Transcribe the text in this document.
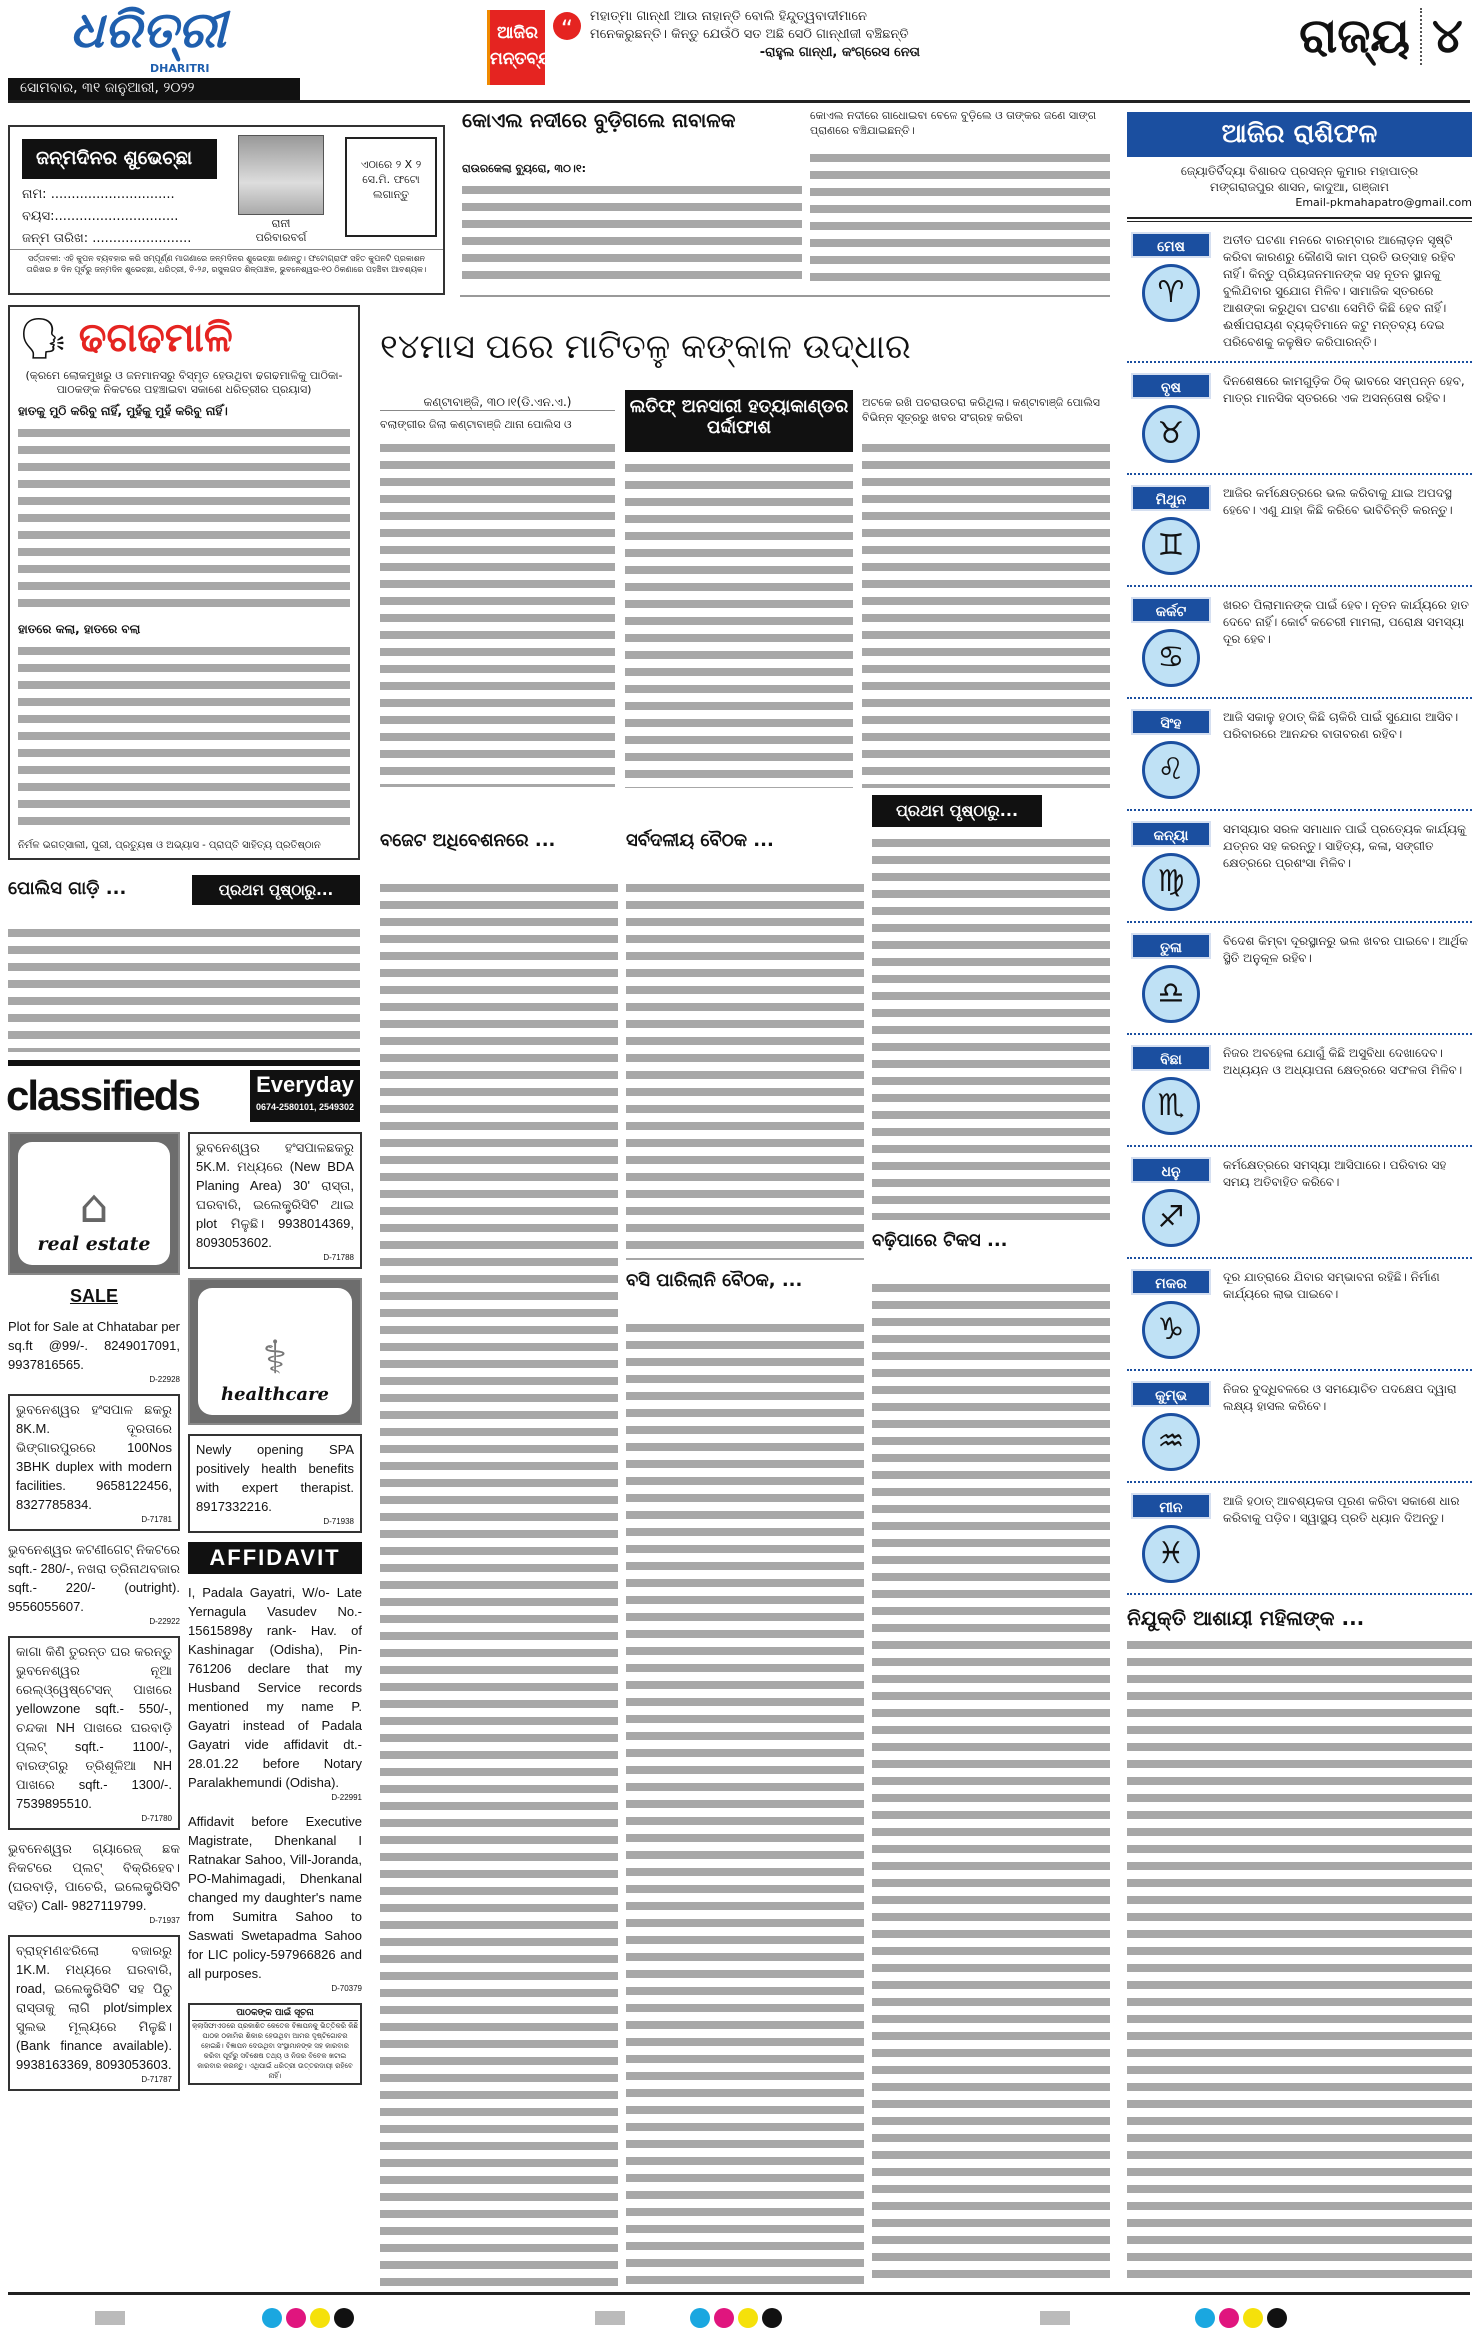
ଧରିତ୍ରୀ
DHARITRI
ସୋମବାର, ୩୧ ଜାନୁଆରୀ, ୨୦୨୨
ଆଜିର
ମନ୍ତବ୍ୟ
“	ମହାତ୍ମା ଗାନ୍ଧୀ ଆଉ ନାହାନ୍ତି ବୋଲି ହିନ୍ଦୁତ୍ୱବାଦୀମାନେ ମନେକରୁଛନ୍ତି। କିନ୍ତୁ ଯେଉଁଠି ସତ ଅଛି ସେଠି ଗାନ୍ଧୀଜୀ ବଞ୍ଚିଛନ୍ତି
-ରାହୁଲ ଗାନ୍ଧୀ, କଂଗ୍ରେସ ନେତା	ରାଜ୍ୟ ୪
ଜନ୍ମଦିନର ଶୁଭେଚ୍ଛା
ନାମ: ..............................
ବୟସ:..............................
ଜନ୍ମ ତାରିଖ: ........................
ରାନୀ
ପରିବାରବର୍ଗ
ଏଠାରେ ୨ X ୨ ସେ.ମି. ଫଟୋ ଲଗାନ୍ତୁ
ସର୍ତ୍ତାବଳୀ: ଏହି କୁପନ ବ୍ୟବହାର କରି ସମ୍ପୂର୍ଣ୍ଣ ମାଗଣାରେ ଜନ୍ମଦିନର ଶୁଭେଚ୍ଛା ଜଣାନ୍ତୁ। ଫଟୋଗ୍ରାଫ ସହିତ କୁପନଟି ପ୍ରକାଶନ ତାରିଖର ୭ ଦିନ ପୂର୍ବରୁ ଜନ୍ମଦିନ ଶୁଭେଚ୍ଛା, ଧରିତ୍ରୀ, ବି-୨୬, ରସୁଲଗଡ ଶିଳ୍ପାଞ୍ଚଳ, ଭୁବନେଶ୍ୱର-୧୦ ଠିକଣାରେ ପହଞ୍ଚିବା ଆବଶ୍ୟକ।
କୋଏଲ ନଦୀରେ ବୁଡ଼ିଗଲେ ନାବାଳକ
ରାଉରକେଲା ବ୍ୟୁରୋ, ୩୦।୧:
କୋଏଲ ନଦୀରେ ଗାଧୋଇବା ବେଳେ ବୁଡ଼ିଲେ ଓ ତାଙ୍କର ଜଣେ ସାଙ୍ଗ ପ୍ରାଣରେ ବଞ୍ଚିଯାଇଛନ୍ତି।
🗣 ଢଗଢମାଳି
(କ୍ରମେ ଲୋକମୁଖରୁ ଓ ଜନମାନସରୁ ବିସ୍ମୃତ ହେଉଥିବା ଢଗଢମାଳିକୁ ପାଠିକା-ପାଠକଙ୍କ ନିକଟରେ ପହଞ୍ଚାଇବା ସକାଶେ ଧରିତ୍ରୀର ପ୍ରୟାସ)
ହାତକୁ ମୁଠି କରିବୁ ନାହିଁ, ମୁହଁକୁ ମୁହଁ କରିବୁ ନାହିଁ।
ହାତରେ କଲା, ହାତରେ ବଲା
ନିର୍ମଳ ଭଗତ୍ସାଲୀ, ପୁରୀ, ପ୍ରତ୍ୟୁଷ ଓ ଅଭ୍ୟାସ - ପ୍ରାପ୍ତି ସାହିତ୍ୟ ପ୍ରତିଷ୍ଠାନ
ପୋଲିସ ଗାଡ଼ି ...	ପ୍ରଥମ ପୃଷ୍ଠାରୁ...
୧୪ମାସ ପରେ ମାଟିତଳୁ କଙ୍କାଳ ଉଦ୍ଧାର
କଣ୍ଟାବାଞ୍ଜି, ୩୦।୧(ଡି.ଏନ.ଏ.)
ବଲାଙ୍ଗୀର ଜିଲା କଣ୍ଟାବାଞ୍ଜି ଥାନା ପୋଲିସ ଓ
ଲତିଫ୍ ଅନସାରୀ ହତ୍ୟାକାଣ୍ଡର ପର୍ଦ୍ଦାଫାଶ
ଅଟକେ ରଖି ପଚରାଉଚରା କରିଥିଲା। କଣ୍ଟାବାଞ୍ଜି ପୋଲିସ ବିଭିନ୍ନ ସୂତ୍ରରୁ ଖବର ସଂଗ୍ରହ କରିବା
ପ୍ରଥମ ପୃଷ୍ଠାରୁ...
ବଜେଟ ଅଧିବେଶନରେ ...	ସର୍ବଦଳୀୟ ବୈଠକ ...
ବସି ପାରିଲାନି ବୈଠକ, ...
ବଢ଼ିପାରେ ଟିକସ ...
ଆଜିର ରାଶିଫଳ
ଜ୍ୟୋତିର୍ବିଦ୍ୟା ବିଶାରଦ ପ୍ରସନ୍ନ କୁମାର ମହାପାତ୍ର
ମଙ୍ଗରାଜପୁର ଶାସନ, କାଦୁଆ, ଗଞ୍ଜାମ
Email-pkmahapatro@gmail.com
ମେଷ
♈
ଅତୀତ ଘଟଣା ମନରେ ବାରମ୍ବାର ଆଲୋଡ଼ନ ସୃଷ୍ଟି କରିବା କାରଣରୁ କୌଣସି କାମ ପ୍ରତି ଉତ୍ସାହ ରହିବ ନାହିଁ। କିନ୍ତୁ ପ୍ରିୟଜନମାନଙ୍କ ସହ ନୂତନ ସ୍ଥାନକୁ ବୁଲିଯିବାର ସୁଯୋଗ ମିଳିବ। ସାମାଜିକ ସ୍ତରରେ ଆଶଙ୍କା କରୁଥିବା ଘଟଣା ସେମିତି କିଛି ହେବ ନାହିଁ। ଈର୍ଷାପରାୟଣ ବ୍ୟକ୍ତିମାନେ କଟୁ ମନ୍ତବ୍ୟ ଦେଇ ପରିବେଶକୁ କଳୁଷିତ କରିପାରନ୍ତି।
ବୃଷ
♉
ଦିନଶେଷରେ କାମଗୁଡ଼ିକ ଠିକ୍ ଭାବରେ ସମ୍ପନ୍ନ ହେବ, ମାତ୍ର ମାନସିକ ସ୍ତରରେ ଏକ ଅସନ୍ତୋଷ ରହିବ।
ମିଥୁନ
♊
ଆଜିର କର୍ମକ୍ଷେତ୍ରରେ ଭଲ କରିବାକୁ ଯାଇ ଅପଦସ୍ଥ ହେବେ। ଏଣୁ ଯାହା କିଛି କରିବେ ଭାବିଚିନ୍ତି କରନ୍ତୁ।
କର୍କଟ
♋
ଖରଚ ପିଲାମାନଙ୍କ ପାଇଁ ହେବ। ନୂତନ କାର୍ଯ୍ୟରେ ହାତ ଦେବେ ନାହିଁ। କୋର୍ଟ କଚେରୀ ମାମଲା, ପରୋକ୍ଷ ସମସ୍ୟା ଦୂର ହେବ।
ସିଂହ
♌
ଆଜି ସକାଳୁ ହଠାତ୍ କିଛି ଚାକିରି ପାଇଁ ସୁଯୋଗ ଆସିବ। ପରିବାରରେ ଆନନ୍ଦର ବାତାବରଣ ରହିବ।
କନ୍ୟା
♍
ସମସ୍ୟାର ସରଳ ସମାଧାନ ପାଇଁ ପ୍ରତ୍ୟେକ କାର୍ଯ୍ୟକୁ ଯତ୍ନର ସହ କରନ୍ତୁ। ସାହିତ୍ୟ, କଳା, ସଙ୍ଗୀତ କ୍ଷେତ୍ରରେ ପ୍ରଶଂସା ମିଳିବ।
ତୁଳା
♎
ବିଦେଶ କିମ୍ବା ଦୂରସ୍ଥାନରୁ ଭଲ ଖବର ପାଇବେ। ଆର୍ଥିକ ସ୍ଥିତି ଅନୁକୂଳ ରହିବ।
ବିଛା
♏
ନିଜର ଅବହେଳା ଯୋଗୁଁ କିଛି ଅସୁବିଧା ଦେଖାଦେବ। ଅଧ୍ୟୟନ ଓ ଅଧ୍ୟାପନା କ୍ଷେତ୍ରରେ ସଫଳତା ମିଳିବ।
ଧନୁ
♐
କର୍ମକ୍ଷେତ୍ରରେ ସମସ୍ୟା ଆସିପାରେ। ପରିବାର ସହ ସମୟ ଅତିବାହିତ କରିବେ।
ମକର
♑
ଦୂର ଯାତ୍ରାରେ ଯିବାର ସମ୍ଭାବନା ରହିଛି। ନିର୍ମାଣ କାର୍ଯ୍ୟରେ ଲାଭ ପାଇବେ।
କୁମ୍ଭ
♒
ନିଜର ବୁଦ୍ଧିବଳରେ ଓ ସମୟୋଚିତ ପଦକ୍ଷେପ ଦ୍ୱାରା ଲକ୍ଷ୍ୟ ହାସଲ କରିବେ।
ମୀନ
♓
ଆଜି ହଠାତ୍ ଆବଶ୍ୟକତା ପୂରଣ କରିବା ସକାଶେ ଧାର କରିବାକୁ ପଡ଼ିବ। ସ୍ୱାସ୍ଥ୍ୟ ପ୍ରତି ଧ୍ୟାନ ଦିଅନ୍ତୁ।
ନିଯୁକ୍ତି ଆଶାୟୀ ମହିଳାଙ୍କ ...
classifieds	Everyday
0674-2580101, 2549302
⌂
real estate
SALE
Plot for Sale at Chhatabar per sq.ft @99/-. 8249017091, 9937816565.
D-22928
ଭୁବନେଶ୍ୱର ହଂସପାଳ ଛକରୁ 8K.M. ଦୂରତାରେ ଭିଙ୍ଗାରପୁରରେ 100Nos 3BHK duplex with modern facilities. 9658122456, 8327785834.
D-71781
ଭୁବନେଶ୍ୱର କଟଣୀଗେଟ୍ ନିକଟରେ sqft.- 280/-, ନଖରା ତ୍ରିନାଥବଜାର sqft.- 220/- (outright). 9556055607.
D-22922
କାଗା କିଣି ତୁରନ୍ତ ଘର କରନ୍ତୁ ଭୁବନେଶ୍ୱର ନୂଆ ରେଲ୍‌ଓ୍ୱେଷ୍ଟେସନ୍ ପାଖରେ yellowzone sqft.- 550/-, ଚନ୍ଦକା NH ପାଖରେ ଘରବାଡ଼ି ପ୍ଲଟ୍ sqft.- 1100/-, ବାରଙ୍ଗରୁ ତ୍ରିଶୂଳିଆ NH ପାଖରେ sqft.- 1300/-. 7539895510.
D-71780
ଭୁବନେଶ୍ୱର ଗ୍ୟାରେଜ୍ ଛକ ନିକଟରେ ପ୍ଲଟ୍ ବିକ୍ରିହେବ। (ଘରବାଡ଼ି, ପାଚେରି, ଇଲେକ୍ଟ୍ରିସିଟି ସହିତ) Call- 9827119799.
D-71937
ବ୍ରାହ୍ମଣଝରିଲୋ ବଜାରରୁ 1K.M. ମଧ୍ୟରେ ଘରବାରି, road, ଇଲେକ୍ଟ୍ରିସିଟି ସହ ପିଚୁ ରାସ୍ତାକୁ ଲାଗି plot/simplex ସୁଲଭ ମୂଲ୍ୟରେ ମିଳୁଛି। (Bank finance available). 9938163369, 8093053603.
D-71787
ଭୁବନେଶ୍ୱର ହଂସପାଳଛକରୁ 5K.M. ମଧ୍ୟରେ (New BDA Planing Area) 30' ରାସ୍ତା, ଘରବାରି, ଇଲେକ୍ଟ୍ରିସିଟି ଥାଇ plot ମିଳୁଛି। 9938014369, 8093053602.
D-71788
⚕
healthcare
Newly opening SPA positively health benefits with expert therapist. 8917332216.
D-71938
AFFIDAVIT
I, Padala Gayatri, W/o- Late Yernagula Vasudev No.- 15615898y rank- Hav. of Kashinagar (Odisha), Pin- 761206 declare that my Husband Service records mentioned my name P. Gayatri instead of Padala Gayatri vide affidavit dt.- 28.01.22 before Notary Paralakhemundi (Odisha).
D-22991
Affidavit before Executive Magistrate, Dhenkanal I Ratnakar Sahoo, Vill-Joranda, PO-Mahimagadi, Dhenkanal changed my daughter's name from Sumitra Sahoo to Saswati Swetapadma Sahoo for LIC policy-597966826 and all purposes.
D-70379
ପାଠକଙ୍କ ପାଇଁ ସୂଚନା
କ୍ଲାସିଫାଏଡରେ ପ୍ରକାଶିତ କେତେକ ବିଜ୍ଞାପନକୁ ଭିତ୍ତିକରି କିଛି ପାଠକ ଠକାମିର ଶିକାର ହେଉଥିବା ଆମର ଦୃଷ୍ଟିଗୋଚର ହୋଇଛି। ବିଜ୍ଞାପନ ଦେଉଥିବା ସଂସ୍ଥାମାନଙ୍କ ସହ କାରବାର କରିବା ପୂର୍ବରୁ ସବିଶେଷ ତଥ୍ୟ ଓ ନିଜର ବିବେକ ଖଟାଇ କାରବାର କରନ୍ତୁ। ଏଥିପାଇଁ ଧରିତ୍ରୀ ଉତ୍ତରଦାୟୀ ରହିବେ ନାହିଁ।
